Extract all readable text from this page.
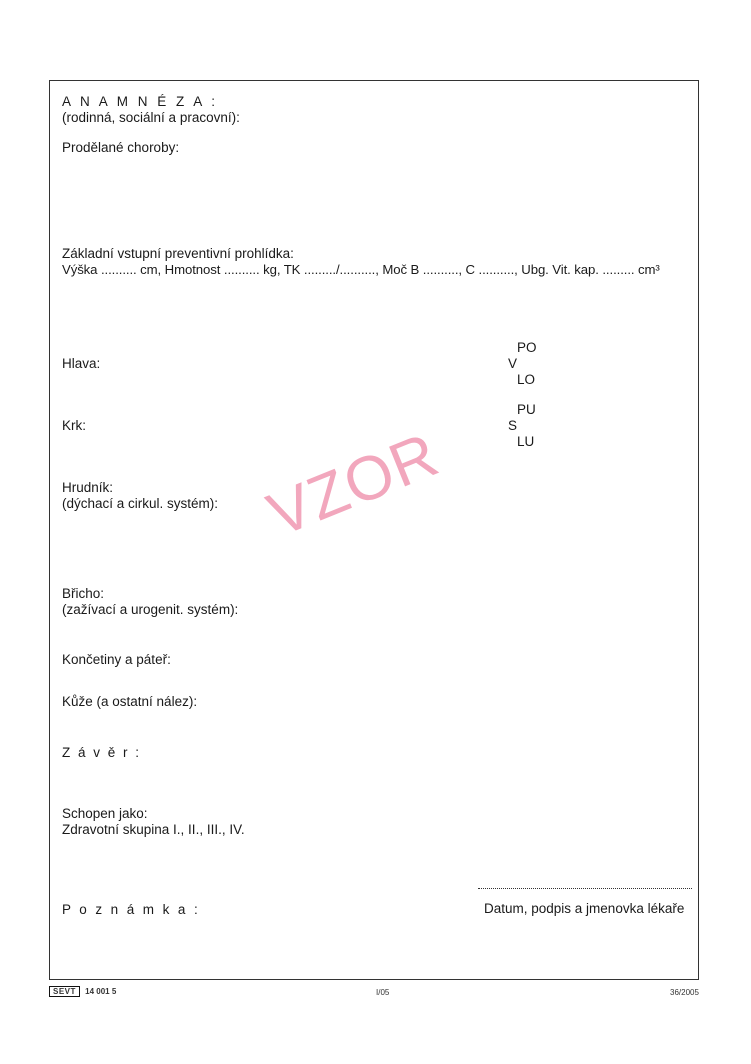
A N A M N É Z A :
(rodinná, sociální a pracovní):
Prodělané choroby:
Základní vstupní preventivní prohlídka:
Výška .......... cm, Hmotnost .......... kg, TK ........./.........., Moč B .........., C .........., Ubg. Vit. kap. ......... cm³
Hlava:
PO
V
LO
Krk:
PU
S
LU
Hrudník:
(dýchací a cirkul. systém):
Břicho:
(zažívací a urogenit. systém):
Končetiny a páteř:
Kůže (a ostatní nález):
Z á v ě r :
Schopen jako:
Zdravotní skupina I., II., III., IV.
Datum, podpis a jmenovka lékaře
P o z n á m k a :
VZOR
SEVT 14 001 5	I/05	36/2005
